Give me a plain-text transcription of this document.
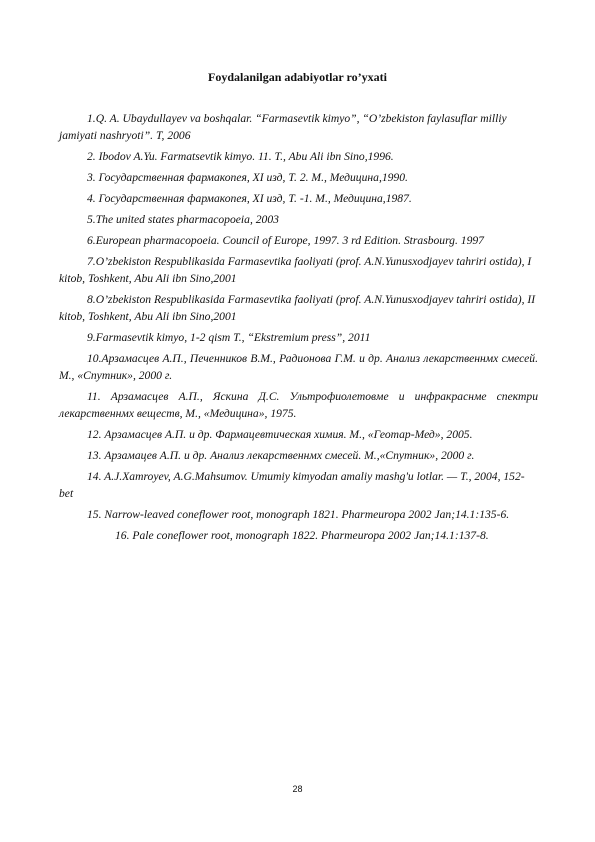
Foydalanilgan adabiyotlar ro’yxati

1.Q. A. Ubaydullayev va boshqalar. “Farmasevtik kimyo”, “O’zbekiston faylasuflar milliy jamiyati nashryoti”. T, 2006

2. Ibodov A.Yu. Farmatsevtik kimyo. 11. T., Abu Ali ibn Sino,1996.

3. Государственная фармакопея, XI изд, Т. 2. М., Медицина,1990.

4. Государственная фармакопея, XI изд, Т. -1. М., Медицина,1987.

5.The united states pharmacopoeia, 2003

6.European pharmacopoeia. Council of Europe, 1997. 3 rd Edition. Strasbourg. 1997

7.O’zbekiston Respublikasida Farmasevtika faoliyati (prof. A.N.Yunusxodjayev tahriri ostida), I kitob, Toshkent, Abu Ali ibn Sino,2001

8.O’zbekiston Respublikasida Farmasevtika faoliyati (prof. A.N.Yunusxodjayev tahriri ostida), II kitob, Toshkent, Abu Ali ibn Sino,2001

9.Farmasevtik kimyo, 1-2 qism T., “Ekstremium press”, 2011

10.Арзамасцев А.П., Печенников В.М., Радионова Г.М. и др. Анализ лекарственнмх смесей. М., «Спутник», 2000 г.

11. Арзамасцев А.П., Яскина Д.С. Ультрофиолетовме и инфракраснме спектри лекарственнмх веществ, М., «Медицина», 1975.

12. Арзамасцев А.П. и др. Фармацевтическая химия. М., «Геотар-Мед», 2005.

13. Арзамацев А.П. и др. Анализ лекарственнмх смесей. М.,«Спутник», 2000 г.

14. A.J.Xamroyev, A.G.Mahsumov. Umumiy kimyodan amaliy mashg'u lotlar. — T., 2004, 152-bet

15. Narrow-leaved coneflower root, monograph 1821. Pharmeuropa 2002 Jan;14.1:135-6.

16. Pale coneflower root, monograph 1822. Pharmeuropa 2002 Jan;14.1:137-8.

28
